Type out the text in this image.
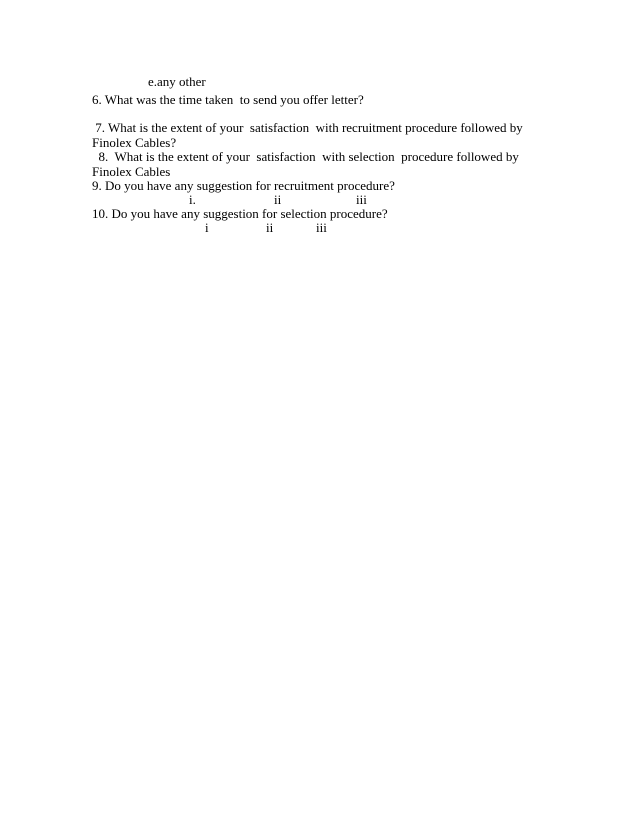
e.any other
6. What was the time taken  to send you offer letter?
7. What is the extent of your  satisfaction  with recruitment procedure followed by
Finolex Cables?
8.  What is the extent of your  satisfaction  with selection  procedure followed by
Finolex Cables
9. Do you have any suggestion for recruitment procedure?
i.	ii	iii
10. Do you have any suggestion for selection procedure?
i	ii	iii
